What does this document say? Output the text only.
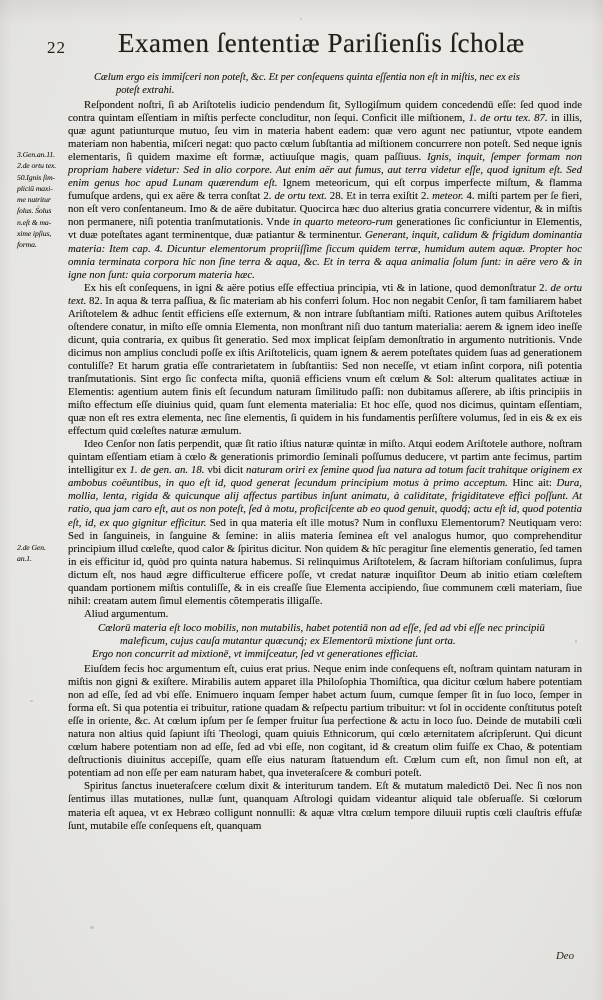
22 Examen ſententiæ Pariſienſis ſcholæ
Cælum ergo eis immiſceri non poteſt, &c. Et per conſequens quinta eſſentia non eſt in miſtis, nec ex eis
poteſt extrahi.
3.Gen.an.11.
2.de ortu tex.
50.Ignis ſim-
pliciū maxi-
me nutritur
ſolus. Solus
n.eſt & ma-
xime ipſius,
forma.
2.de Gen.
an.1.

Reſpondent noſtri, ſi ab Ariſtotelis iudicio pendendum ſit, Syllogiſmum quidem concedendū eſſe: ſed quod inde contra quintam eſſentiam in miſtis perfecte concluditur, non ſequi. Conficit ille miſtionem, 1. de ortu tex. 87. in illis, quæ agunt patiunturque mutuo, ſeu vim in materia habent eadem: quæ vero agunt nec patiuntur, vtpote eandem materiam non habentia, miſceri negat: quo pacto cœlum ſubſtantia ad miſtionem concurrere non poteſt. Sed neque ignis elementaris, ſi quidem maxime eſt formæ, actiuuſque magis, quam paſſiuus. Ignis, inquit, ſemper formam non propriam habere videtur: Sed in alio corpore. Aut enim aër aut fumus, aut terra videtur eſſe, quod ignitum eſt. Sed enim genus hoc apud Lunam quærendum eſt. Ignem meteoricum, qui eſt corpus imperfecte miſtum, & flamma fumuſque ardens, qui ex aëre & terra conſtat 2. de ortu text. 28. Et in terra exiſtit 2. meteor. 4. miſti partem per ſe fieri, non eſt vero conſentaneum. Imo & de aëre dubitatur. Quocirca hæc duo alterius gratia concurrere videntur, & in miſtis non permanere, niſi potentia tranſmutationis. Vnde in quarto meteoro-rum generationes ſic conficiuntur in Elementis, vt duæ poteſtates agant terminentque, duæ patiantur & terminentur. Generant, inquit, calidum & frigidum dominantia materia: Item cap. 4. Dicuntur elementorum propriiſſime ſiccum quidem terræ, humidum autem aquæ. Propter hoc omnia terminata corpora hîc non ſine terra & aqua, &c. Et in terra & aqua animalia ſolum ſunt: in aëre vero & in igne non ſunt: quia corporum materia hæc.

Ex his eſt conſequens, in igni & aëre potius eſſe effectiua principia, vti & in latione, quod demonſtratur 2. de ortu text. 82. In aqua & terra paſſiua, & ſic materiam ab his conferri ſolum. Hoc non negabit Cenſor, ſi tam familiarem habet Ariſtotelem & adhuc ſentit efficiens eſſe externum, & non intrare ſubſtantiam miſti. Rationes autem quibus Ariſtoteles oſtendere conatur, in miſto eſſe omnia Elementa, non monſtrant niſi duo tantum materialia: aerem & ignem ideo ineſſe dicunt, quia contraria, ex quibus ſit generatio. Sed mox implicat ſeipſam demonſtratio in argumento nutritionis. Vnde dicimus non amplius concludi poſſe ex iſtis Ariſtotelicis, quam ignem & aerem poteſtates quidem ſuas ad generationem contuliſſe? Et harum gratia eſſe contrarietatem in ſubſtantiis: Sed non neceſſe, vt etiam inſint corpora, niſi potentia tranſmutationis. Sint ergo ſic confecta miſta, quoniā efficiens vnum eſt cœlum & Sol: alterum qualitates actiuæ in Elementis: agentium autem finis eſt ſecundum naturam ſimilitudo paſſi: non dubitamus aſſerere, ab iſtis principiis in miſto effectum eſſe diuinius quid, quam ſunt elementa materialia: Et hoc eſſe, quod nos dicimus, quintam eſſentiam, quæ non eſt res extra elementa, nec ſine elementis, ſi quidem in his fundamentis perſiſtere volumus, ſed in eis & ex eis effectum quid cœleſtes naturæ æmulum.

Ideo Cenſor non ſatis perpendit, quæ ſit ratio iſtius naturæ quintæ in miſto. Atqui eodem Ariſtotele authore, noſtram quintam eſſentiam etiam à cœlo & generationis primordio ſeminali poſſumus deducere, vt partim ante fecimus, partim intelligitur ex 1. de gen. an. 18. vbi dicit naturam oriri ex ſemine quod ſua natura ad totum facit trahitque originem ex ambobus coëuntibus, in quo eſt id, quod generat ſecundum principium motus à primo acceptum. Hinc ait: Dura, mollia, lenta, rigida & quicunque alij affectus partibus inſunt animatu, à caliditate, frigiditateve effici poſſunt. At ratio, qua jam caro eſt, aut os non poteſt, ſed à motu, proficiſcente ab eo quod genuit, quodq́; actu eſt id, quod potentia eſt, id, ex quo gignitur efficitur. Sed in qua materia eſt ille motus? Num in confluxu Elementorum? Neutiquam vero: Sed in ſanguineis, in ſanguine & ſemine: in aliis materia ſeminea eſt vel analogus humor, quo comprehenditur principium illud cœleſte, quod calor & ſpiritus dicitur. Non quidem & hîc peragitur ſine elementis generatio, ſed tamen in eis efficitur id, quòd pro quinta natura habemus. Si relinquimus Ariſtotelem, & ſacram hiſtoriam conſulimus, ſupra dictum eſt, nos haud ægre difficulterue efficere poſſe, vt credat naturæ inquiſitor Deum ab initio etiam cœleſtem quandam portionem miſtis contuliſſe, & in eis creaſſe ſiue Elementa accipiendo, ſiue communem cœli materiam, ſiue nihil: creatam autem ſimul elementis cõtemperatis illigaſſe.

Aliud argumentum.

Cœlorū materia eſt loco mobilis, non mutabilis, habet potentiā non ad eſſe, ſed ad vbi eſſe nec principiū
maleficum, cujus cauſa mutantur quæcunq́; ex Elementorū mixtione ſunt orta.
Ergo non concurrit ad mixtionē, vt immiſceatur, ſed vt generationes efficiat.

Eiuſdem fecis hoc argumentum eſt, cuius erat prius. Neque enim inde conſequens eſt, noſtram quintam naturam in miſtis non gigni & exiſtere. Mirabilis autem apparet illa Philoſophia Thomiſtica, qua dicitur cœlum habere potentiam non ad eſſe, ſed ad vbi eſſe. Enimuero inquam ſemper habet actum ſuum, cumque ſemper ſit in ſuo loco, ſemper in forma eſt. Si qua potentia ei tribuitur, ratione quadam & reſpectu partium tribuitur: vt ſol in occidente conſtitutus poteſt eſſe in oriente, &c. At cœlum ipſum per ſe ſemper fruitur ſua perfectione & actu in loco ſuo. Deinde de mutabili cœli natura non altius quid ſapiunt iſti Theologi, quam quiuis Ethnicorum, qui cœlo æternitatem aſcripſerunt. Qui dicunt cœlum habere potentiam non ad eſſe, ſed ad vbi eſſe, non cogitant, id & creatum olim fuiſſe ex Chao, & potentiam deſtructionis diuinitus accepiſſe, quam eſſe eius naturam ſtatuendum eſt. Cœlum cum eſt, non ſimul non eſt, at potentiam ad non eſſe per eam naturam habet, qua inveteraſcere & comburi poteſt.

Spiritus ſanctus inueteraſcere cœlum dixit & interiturum tandem. Eſt & mutatum maledictō Dei. Nec ſi nos non ſentimus illas mutationes, nullæ ſunt, quanquam Aſtrologi quidam videantur aliquid tale obſeruaſſe. Si cœlorum materia eſt aquea, vt ex Hebræo colligunt nonnulli: & aquæ vltra cœlum tempore diluuii ruptis cœli clauſtris effuſæ ſunt, mutabile eſſe conſequens eſt, quanquam

Deo
